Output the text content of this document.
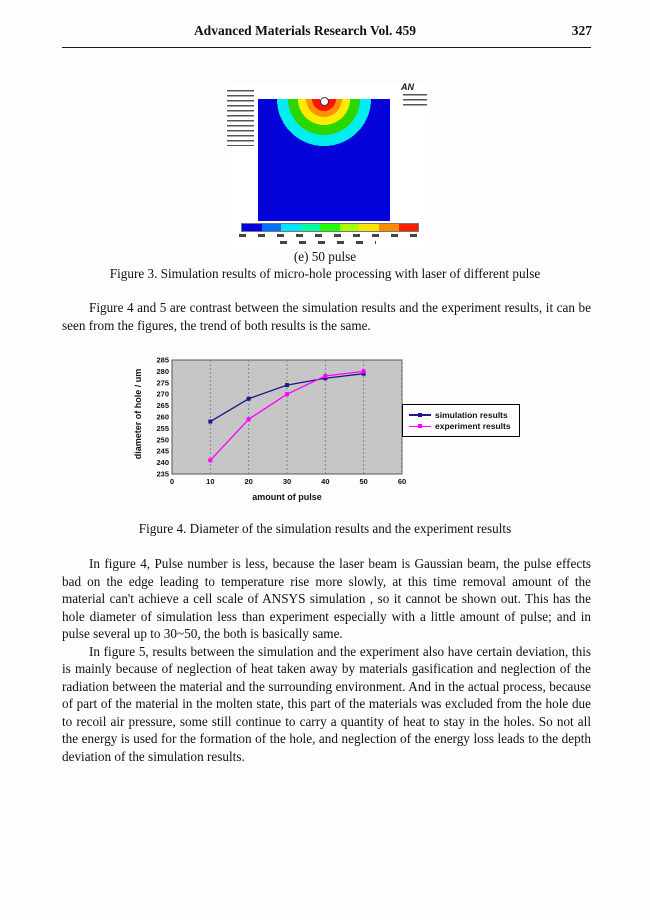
Advanced Materials Research Vol. 459	327
AN
(e) 50 pulse
Figure 3. Simulation results of micro-hole processing with laser of different pulse

Figure 4 and 5 are contrast between the simulation results and the experiment results, it can be seen from the figures, the trend of both results is the same.

diameter of hole / um
0	10	20	30	40	50	60
235
240
245
250
255
260
265
270
275
280
285
amount of pulse
simulation results
experiment results
Figure 4. Diameter of the simulation results and the experiment results

In figure 4, Pulse number is less, because the laser beam is Gaussian beam, the pulse effects bad on the edge leading to temperature rise more slowly, at this time removal amount of the material can't achieve a cell scale of ANSYS simulation , so it cannot be shown out. This has the hole diameter of simulation less than experiment especially with a little amount of pulse; and in pulse several up to 30~50, the both is basically same.

In figure 5, results between the simulation and the experiment also have certain deviation, this is mainly because of neglection of heat taken away by materials gasification and neglection of the radiation between the material and the surrounding environment. And in the actual process, because of part of the material in the molten state, this part of the materials was excluded from the hole due to recoil air pressure, some still continue to carry a quantity of heat to stay in the holes. So not all the energy is used for the formation of the hole, and neglection of the energy loss leads to the depth deviation of the simulation results.
